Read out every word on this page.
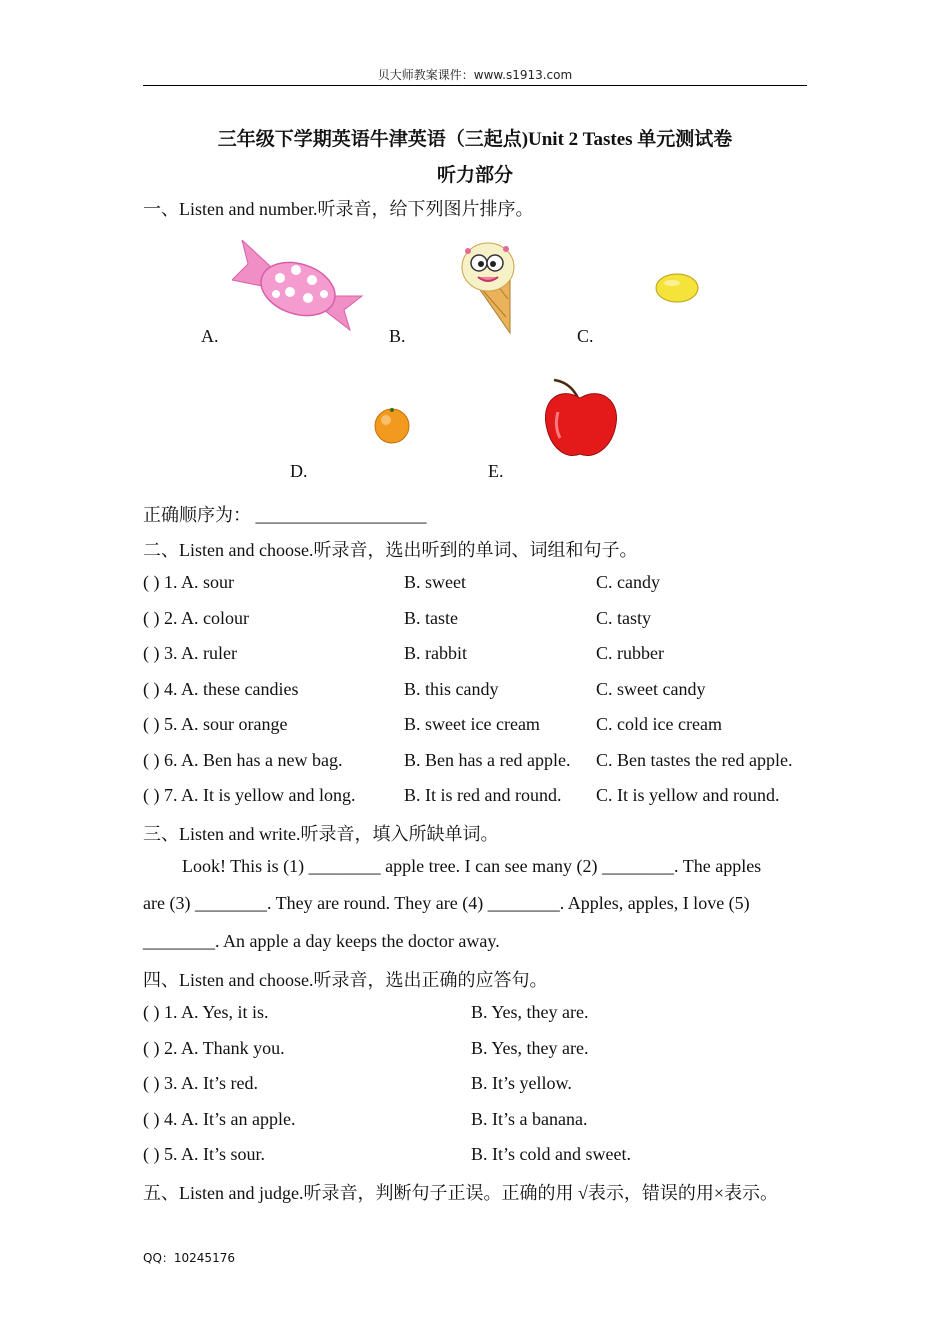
贝大师教案课件：www.s1913.com
三年级下学期英语牛津英语（三起点)Unit 2 Tastes 单元测试卷
听力部分
一、Listen and number.听录音，给下列图片排序。
A.	B.	C.
D.	E.
正确顺序为： ___________________
二、Listen and choose.听录音，选出听到的单词、词组和句子。
( ) 1. A. sour	B. sweet	C. candy
( ) 2. A. colour	B. taste	C. tasty
( ) 3. A. ruler	B. rabbit	C. rubber
( ) 4. A. these candies	B. this candy	C. sweet candy
( ) 5. A. sour orange	B. sweet ice cream	C. cold ice cream
( ) 6. A. Ben has a new bag.	B. Ben has a red apple. C. Ben tastes the red apple.
( ) 7. A. It is yellow and long.	B. It is red and round. C. It is yellow and round.
三、Listen and write.听录音，填入所缺单词。
Look! This is (1) ________ apple tree. I can see many (2) ________. The apples
are (3) ________. They are round. They are (4) ________. Apples, apples, I love (5)
________. An apple a day keeps the doctor away.
四、Listen and choose.听录音，选出正确的应答句。
( ) 1. A. Yes, it is.	B. Yes, they are.
( ) 2. A. Thank you.	B. Yes, they are.
( ) 3. A. It’s red.	B. It’s yellow.
( ) 4. A. It’s an apple.	B. It’s a banana.
( ) 5. A. It’s sour.	B. It’s cold and sweet.
五、Listen and judge.听录音，判断句子正误。正确的用 √表示，错误的用×表示。
QQ：10245176
